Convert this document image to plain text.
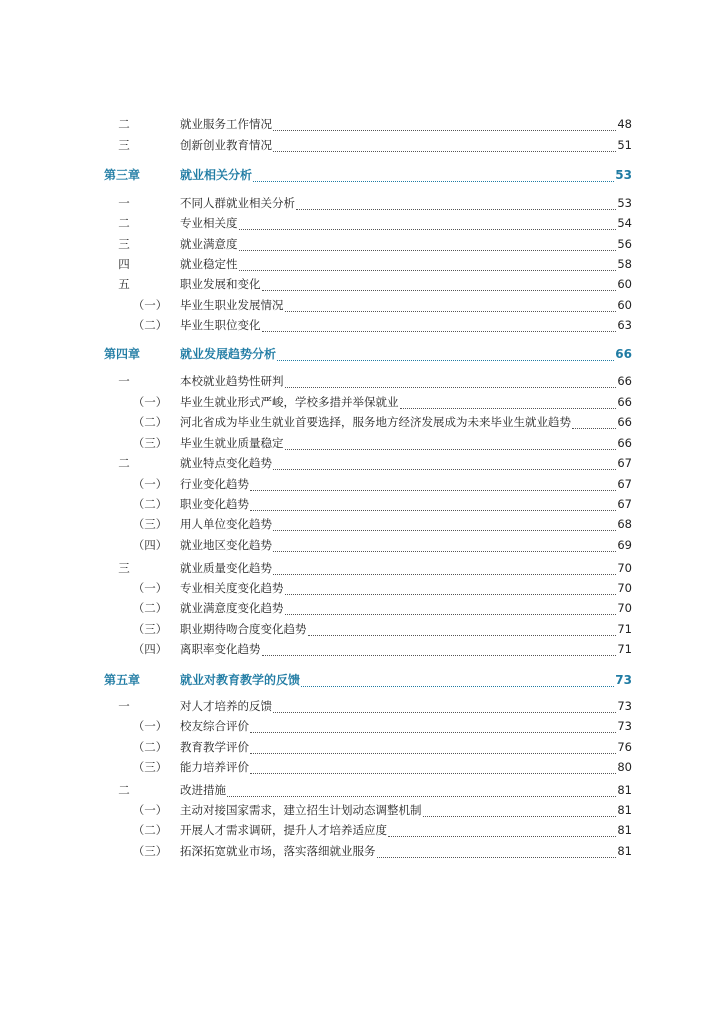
二	就业服务工作情况	48
三	创新创业教育情况	51
第三章	就业相关分析	53
一	不同人群就业相关分析	53
二	专业相关度	54
三	就业满意度	56
四	就业稳定性	58
五	职业发展和变化	60
（一） 毕业生职业发展情况	60
（二） 毕业生职位变化	63
第四章	就业发展趋势分析	66
一	本校就业趋势性研判	66
（一） 毕业生就业形式严峻，学校多措并举保就业	66
（二） 河北省成为毕业生就业首要选择，服务地方经济发展成为未来毕业生就业趋势	66
（三） 毕业生就业质量稳定	66
二	就业特点变化趋势	67
（一） 行业变化趋势	67
（二） 职业变化趋势	67
（三） 用人单位变化趋势	68
（四） 就业地区变化趋势	69
三	就业质量变化趋势	70
（一） 专业相关度变化趋势	70
（二） 就业满意度变化趋势	70
（三） 职业期待吻合度变化趋势	71
（四） 离职率变化趋势	71
第五章	就业对教育教学的反馈	73
一	对人才培养的反馈	73
（一） 校友综合评价	73
（二） 教育教学评价	76
（三） 能力培养评价	80
二	改进措施	81
（一） 主动对接国家需求，建立招生计划动态调整机制	81
（二） 开展人才需求调研，提升人才培养适应度	81
（三） 拓深拓宽就业市场，落实落细就业服务	81
